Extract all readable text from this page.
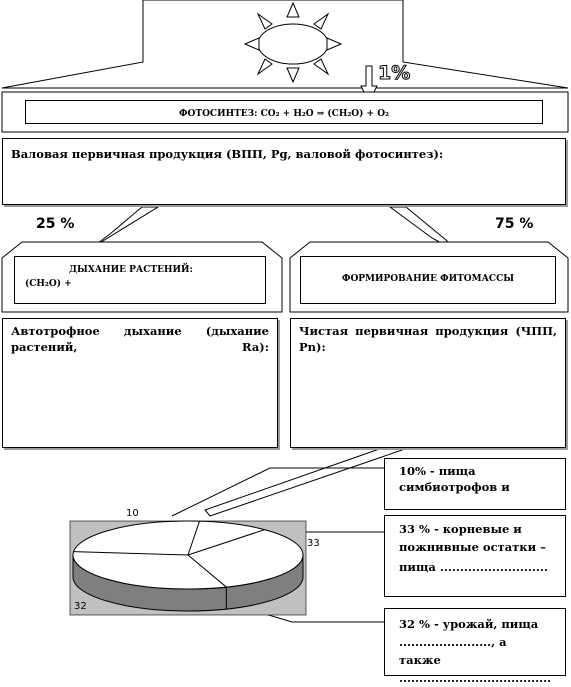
1%
ФОТОСИНТЕЗ: CO₂ + H₂O ⇒ (CH₂O) + O₂
Валовая первичная продукция (ВПП, Pg, валовой фотосинтез):
25 %	75 %
ДЫХАНИЕ РАСТЕНИЙ:
(CH₂O) +	ФОРМИРОВАНИЕ ФИТОМАССЫ
Автотрофное дыхание (дыхание растений, Ra):
Чистая первичная продукция (ЧПП, Pn):
10
33
32
10% - пища
симбиотрофов и
33 % - корневые и
пожнивные остатки –
пища ...........................
32 % - урожай, пища
......................., а также
......................................
